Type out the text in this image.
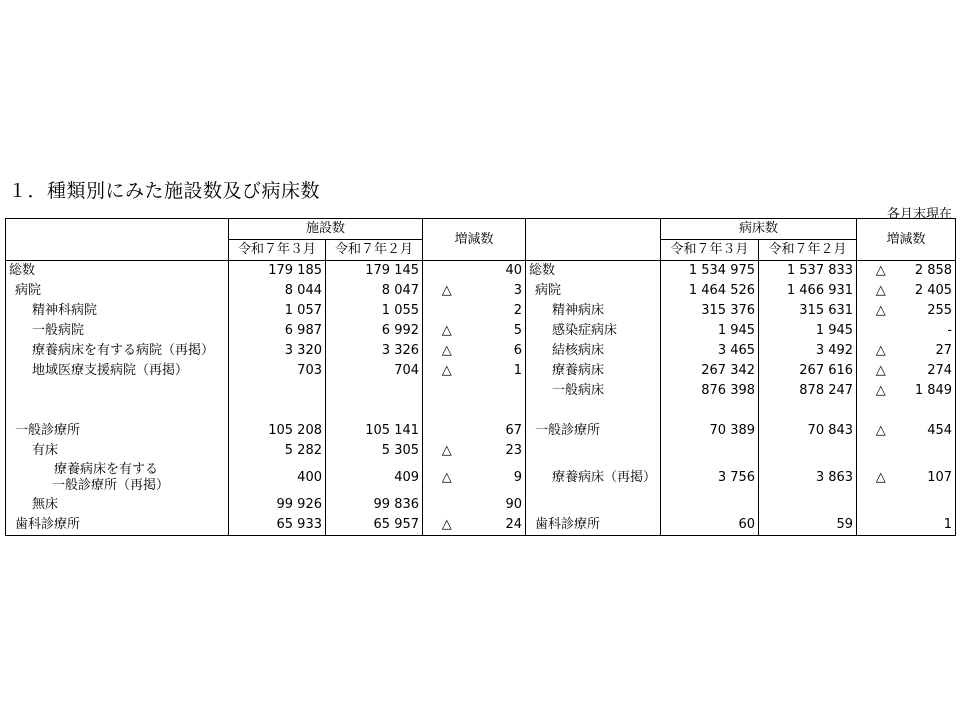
１．種類別にみた施設数及び病床数
各月末現在
	施設数		増減数			病床数		増減数	
	令和７年３月	令和７年２月				令和７年３月	令和７年２月		
総数	179 185	179 145		40	総数	1 534 975	1 537 833	△	2 858
病院	8 044	8 047	△	3	病院	1 464 526	1 466 931	△	2 405
精神科病院	1 057	1 055		2	精神病床	315 376	315 631	△	255
一般病院	6 987	6 992	△	5	感染症病床	1 945	1 945		-
療養病床を有する病院（再掲）	3 320	3 326	△	6	結核病床	3 465	3 492	△	27
地域医療支援病院（再掲）	703	704	△	1	療養病床	267 342	267 616	△	274
					一般病床	876 398	878 247	△	1 849

一般診療所	105 208	105 141		67	一般診療所	70 389	70 843	△	454
有床	5 282	5 305	△	23					

療養病床を有する
一般診療所（再掲）	400	409	△	9	療養病床（再掲）	3 756	3 863	△	107
無床	99 926	99 836		90					
歯科診療所	65 933	65 957	△	24	歯科診療所	60	59		1
